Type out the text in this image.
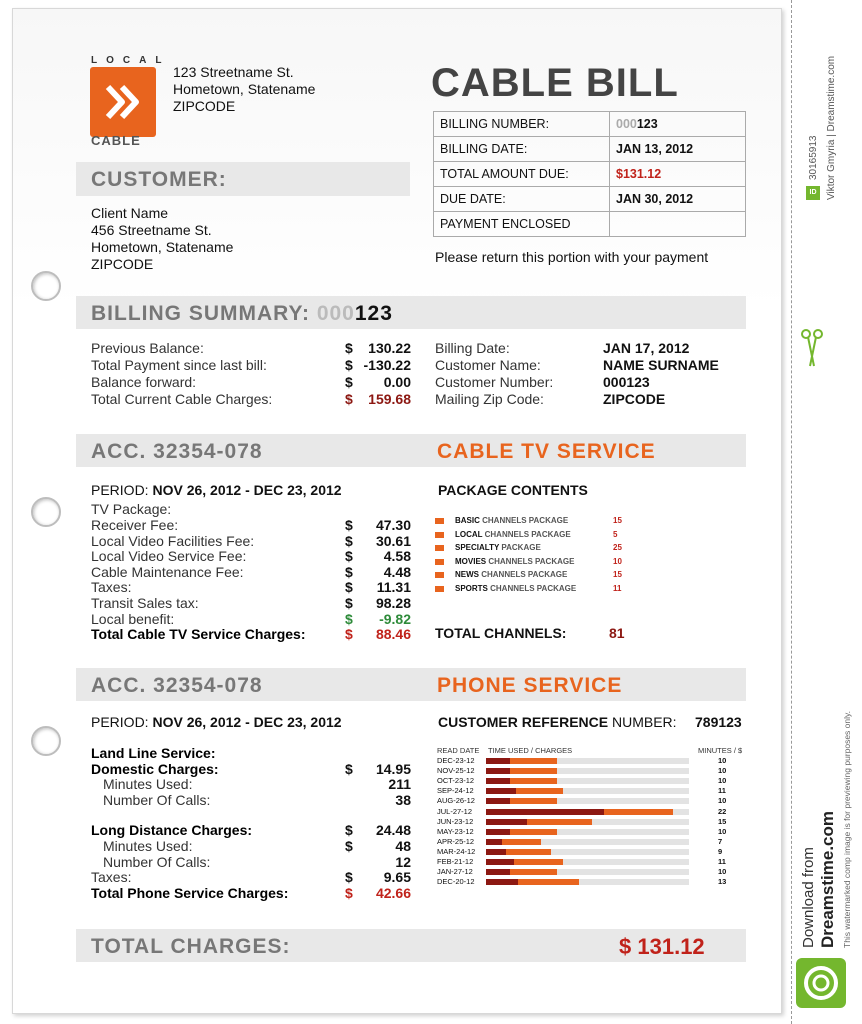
LOCAL
CABLE
123 Streetname St.
Hometown, Statename
ZIPCODE
CABLE BILL
BILLING NUMBER:	000123
BILLING DATE:	JAN 13, 2012
TOTAL AMOUNT DUE:	$131.12
DUE DATE:	JAN 30, 2012
PAYMENT ENCLOSED	
Please return this portion with your payment
CUSTOMER:
Client Name
456 Streetname St.
Hometown, Statename
ZIPCODE
BILLING SUMMARY: 000123
Previous Balance:	$	130.22
Total Payment since last bill:	$ -130.22
Balance forward:	$	0.00
Total Current Cable Charges:	$	159.68
Billing Date:	JAN 17, 2012
Customer Name:	NAME SURNAME
Customer Number:	000123
Mailing Zip Code:	ZIPCODE
ACC. 32354-078	CABLE TV SERVICE
PERIOD: NOV 26, 2012 - DEC 23, 2012
TV Package:
Receiver Fee:	$	47.30
Local Video Facilities Fee:	$	30.61
Local Video Service Fee:	$	4.58
Cable Maintenance Fee:	$	4.48
Taxes:	$	11.31
Transit Sales tax:	$	98.28
Local benefit:	$	-9.82
Total Cable TV Service Charges:	$	88.46
PACKAGE CONTENTS
BASIC CHANNELS PACKAGE	15
LOCAL CHANNELS PACKAGE	5
SPECIALTY PACKAGE	25
MOVIES CHANNELS PACKAGE	10
NEWS CHANNELS PACKAGE	15
SPORTS CHANNELS PACKAGE	11
TOTAL CHANNELS:	81
ACC. 32354-078	PHONE SERVICE
PERIOD: NOV 26, 2012 - DEC 23, 2012	CUSTOMER REFERENCE NUMBER: 789123
Land Line Service:
Domestic Charges:	$	14.95
Minutes Used:	211
Number Of Calls:	38
Long Distance Charges:	$	24.48
Minutes Used:	$	48
Number Of Calls:	12
Taxes:	$	9.65
Total Phone Service Charges:	$	42.66
READ DATE TIME USED / CHARGES	MINUTES / $
DEC-23-12	10
NOV-25-12	10
OCT-23-12	10
SEP-24-12	11
AUG-26-12	10
JUL-27-12	22
JUN-23-12	15
MAY-23-12	10
APR-25-12	7
MAR-24-12	9
FEB-21-12	11
JAN-27-12	10
DEC-20-12	13
TOTAL CHARGES:	$ 131.12
ID
30165913 Viktor Gmyria | Dreamstime.com
Download from Dreamstime.com This watermarked comp image is for previewing purposes only.
